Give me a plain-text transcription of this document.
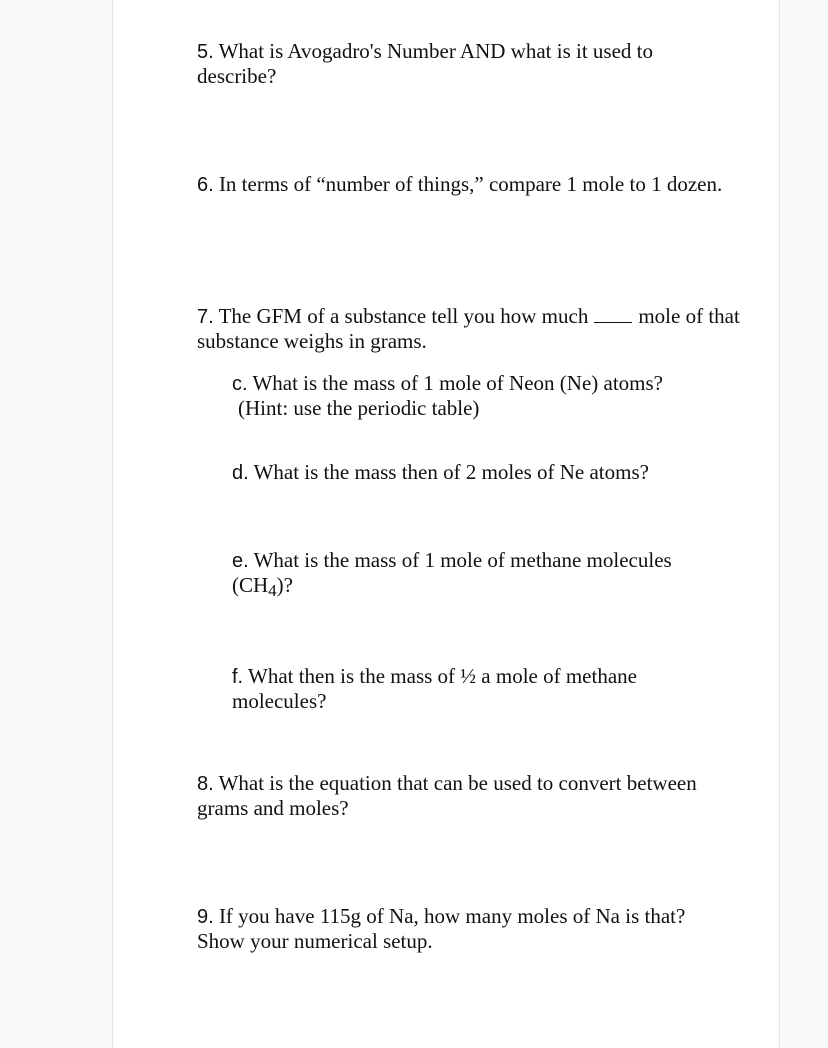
5. What is Avogadro's Number AND what is it used to describe?

6. In terms of “number of things,” compare 1 mole to 1 dozen.

7. The GFM of a substance tell you how much mole of that substance weighs in grams.

c. What is the mass of 1 mole of Neon (Ne) atoms?
(Hint: use the periodic table)

d. What is the mass then of 2 moles of Ne atoms?

e. What is the mass of 1 mole of methane molecules
$(CH_4)$?

f. What then is the mass of ½ a mole of methane molecules?

8. What is the equation that can be used to convert between grams and moles?

9. If you have 115g of Na, how many moles of Na is that? Show your numerical setup.
